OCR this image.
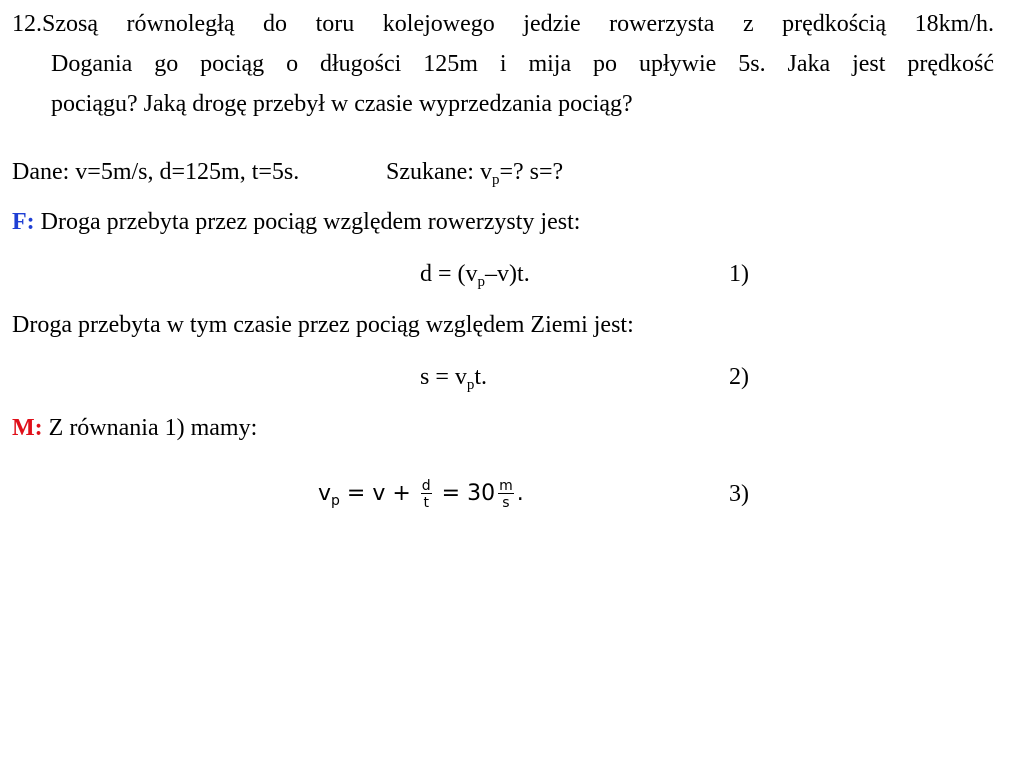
12.Szosą równoległą do toru kolejowego jedzie rowerzysta z prędkością 18km/h.
Dogania go pociąg o długości 125m i mija po upływie 5s. Jaka jest prędkość
pociągu? Jaką drogę przebył w czasie wyprzedzania pociąg?
Dane: v=5m/s, d=125m, t=5s.	Szukane: $v_p=$? s=?
F: Droga przebyta przez pociąg względem rowerzysty jest:
$d = (v_p-v)t$.	1)
Droga przebyta w tym czasie przez pociąg względem Ziemi jest:
$s = v_pt$.	2)
M: Z równania 1) mamy:
$v_p = v + \frac{d}{t} = 30 \frac{m}{s}$ .	3)
